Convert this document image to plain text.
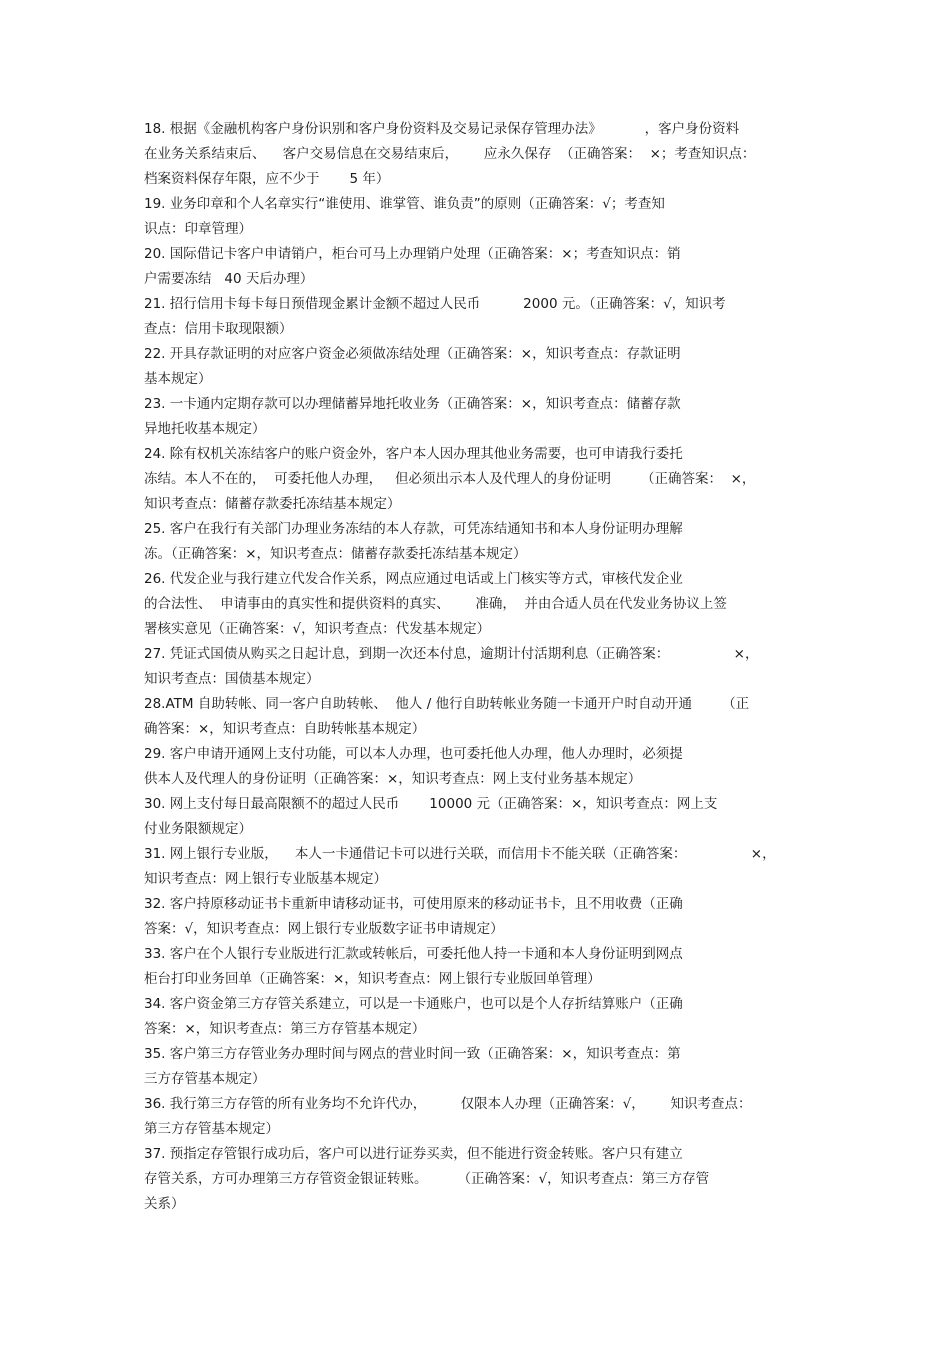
18. 根据《金融机构客户身份识别和客户身份资料及交易记录保存管理办法》          ，客户身份资料
在业务关系结束后、    客户交易信息在交易结束后，      应永久保存  （正确答案：  ×；考查知识点：
档案资料保存年限，应不少于       5 年）
19. 业务印章和个人名章实行“谁使用、谁掌管、谁负责”的原则（正确答案：√；考查知
识点：印章管理）
20. 国际借记卡客户申请销户，柜台可马上办理销户处理（正确答案：×；考查知识点：销
户需要冻结   40 天后办理）
21. 招行信用卡每卡每日预借现金累计金额不超过人民币          2000 元。（正确答案：√，知识考
查点：信用卡取现限额）
22. 开具存款证明的对应客户资金必须做冻结处理（正确答案：×，知识考查点：存款证明
基本规定）
23. 一卡通内定期存款可以办理储蓄异地托收业务（正确答案：×，知识考查点：储蓄存款
异地托收基本规定）
24. 除有权机关冻结客户的账户资金外，客户本人因办理其他业务需要，也可申请我行委托
冻结。本人不在的，  可委托他人办理，   但必须出示本人及代理人的身份证明       （正确答案：  ×，
知识考查点：储蓄存款委托冻结基本规定）
25. 客户在我行有关部门办理业务冻结的本人存款，可凭冻结通知书和本人身份证明办理解
冻。（正确答案：×，知识考查点：储蓄存款委托冻结基本规定）
26. 代发企业与我行建立代发合作关系，网点应通过电话或上门核实等方式，审核代发企业
的合法性、  申请事由的真实性和提供资料的真实、      准确，  并由合适人员在代发业务协议上签
署核实意见（正确答案：√，知识考查点：代发基本规定）
27. 凭证式国债从购买之日起计息，到期一次还本付息，逾期计付活期利息（正确答案：               ×，
知识考查点：国债基本规定）
28.ATM 自助转帐、同一客户自助转帐、  他人 / 他行自助转帐业务随一卡通开户时自动开通       （正
确答案：×，知识考查点：自助转帐基本规定）
29. 客户申请开通网上支付功能，可以本人办理，也可委托他人办理，他人办理时，必须提
供本人及代理人的身份证明（正确答案：×，知识考查点：网上支付业务基本规定）
30. 网上支付每日最高限额不的超过人民币       10000 元（正确答案：×，知识考查点：网上支
付业务限额规定）
31. 网上银行专业版，    本人一卡通借记卡可以进行关联，而信用卡不能关联（正确答案：               ×，
知识考查点：网上银行专业版基本规定）
32. 客户持原移动证书卡重新申请移动证书，可使用原来的移动证书卡，且不用收费（正确
答案：√，知识考查点：网上银行专业版数字证书申请规定）
33. 客户在个人银行专业版进行汇款或转帐后，可委托他人持一卡通和本人身份证明到网点
柜台打印业务回单（正确答案：×，知识考查点：网上银行专业版回单管理）
34. 客户资金第三方存管关系建立，可以是一卡通账户，也可以是个人存折结算账户（正确
答案：×，知识考查点：第三方存管基本规定）
35. 客户第三方存管业务办理时间与网点的营业时间一致（正确答案：×，知识考查点：第
三方存管基本规定）
36. 我行第三方存管的所有业务均不允许代办，        仅限本人办理（正确答案：√，      知识考查点：
第三方存管基本规定）
37. 预指定存管银行成功后，客户可以进行证券买卖，但不能进行资金转账。客户只有建立
存管关系，方可办理第三方存管资金银证转账。       （正确答案：√，知识考查点：第三方存管
关系）
